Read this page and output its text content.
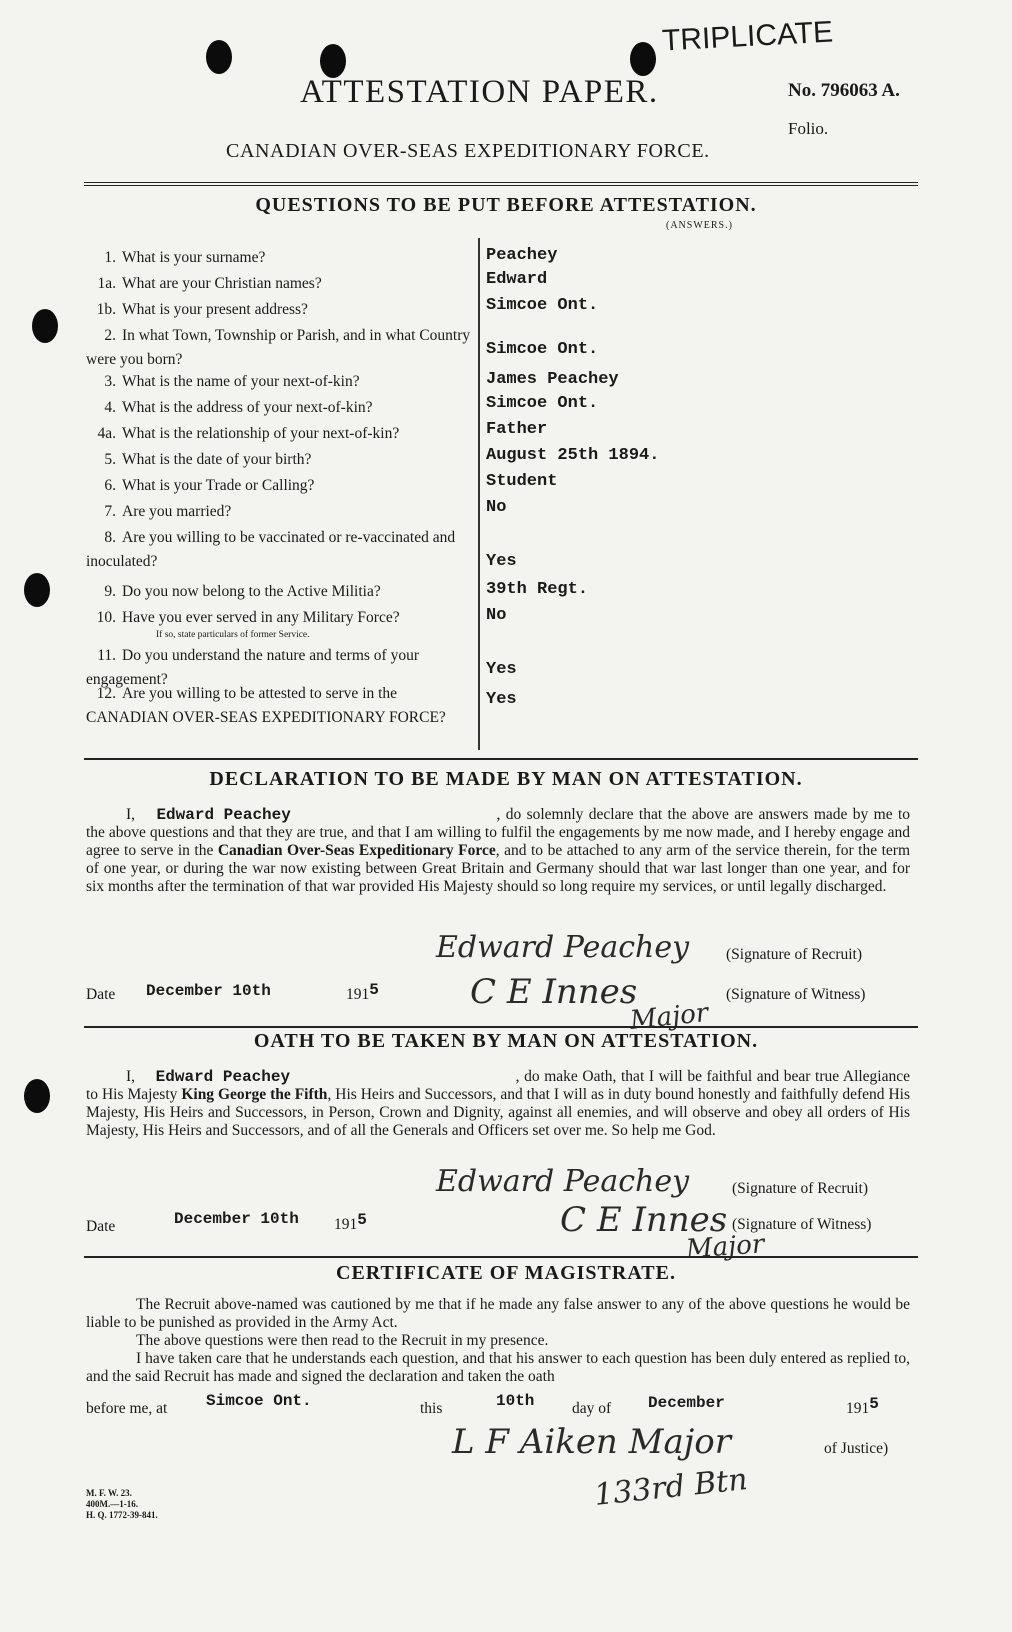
TRIPLICATE
ATTESTATION PAPER.	No. 796063 A.
Folio.
CANADIAN OVER-SEAS EXPEDITIONARY FORCE.
QUESTIONS TO BE PUT BEFORE ATTESTATION.
(ANSWERS.)
1. What is your surname?	Peachey
1a. What are your Christian names?	Edward
1b. What is your present address?	Simcoe Ont.
2. In what Town, Township or Parish, and in what Country were you born?
Simcoe Ont.
3. What is the name of your next-of-kin?	James Peachey
4. What is the address of your next-of-kin?	Simcoe Ont.
4a. What is the relationship of your next-of-kin?	Father
5. What is the date of your birth?	August 25th 1894.
6. What is your Trade or Calling?	Student
7. Are you married?	No
8. Are you willing to be vaccinated or re-vaccinated and inoculated?	Yes
9. Do you now belong to the Active Militia?	39th Regt.
10. Have you ever served in any Military Force?
If so, state particulars of former Service.
No
11. Do you understand the nature and terms of your engagement?
Yes
12. Are you willing to be attested to serve in the CANADIAN OVER-SEAS EXPEDITIONARY FORCE?
Yes
DECLARATION TO BE MADE BY MAN ON ATTESTATION.
I, Edward Peachey	, do solemnly declare that the above are answers made by me to the above questions and that they are true, and that I am willing to fulfil the engagements by me now made, and I hereby engage and agree to serve in the Canadian Over-Seas Expeditionary Force, and to be attached to any arm of the service therein, for the term of one year, or during the war now existing between Great Britain and Germany should that war last longer than one year, and for six months after the termination of that war provided His Majesty should so long require my services, or until legally discharged.
Edward Peachey (Signature of Recruit)
Date December 10th	1915	C E Innes
Major
(Signature of Witness)
OATH TO BE TAKEN BY MAN ON ATTESTATION.
I, Edward Peachey	, do make Oath, that I will be faithful and bear true Allegiance to His Majesty King George the Fifth, His Heirs and Successors, and that I will as in duty bound honestly and faithfully defend His Majesty, His Heirs and Successors, in Person, Crown and Dignity, against all enemies, and will observe and obey all orders of His Majesty, His Heirs and Successors, and of all the Generals and Officers set over me. So help me God.
Edward Peachey	(Signature of Recruit)
Date	December 10th 1915	C E Innes
Major
(Signature of Witness)
CERTIFICATE OF MAGISTRATE.
The Recruit above-named was cautioned by me that if he made any false answer to any of the above questions he would be liable to be punished as provided in the Army Act.
The above questions were then read to the Recruit in my presence.
I have taken care that he understands each question, and that his answer to each question has been duly entered as replied to, and the said Recruit has made and signed the declaration and taken the oath
before me, at Simcoe Ont.	this	10th day of December	1915
L F Aiken Major	of Justice)
133rd Btn
M. F. W. 23.
400M.—1-16.
H. Q. 1772-39-841.
